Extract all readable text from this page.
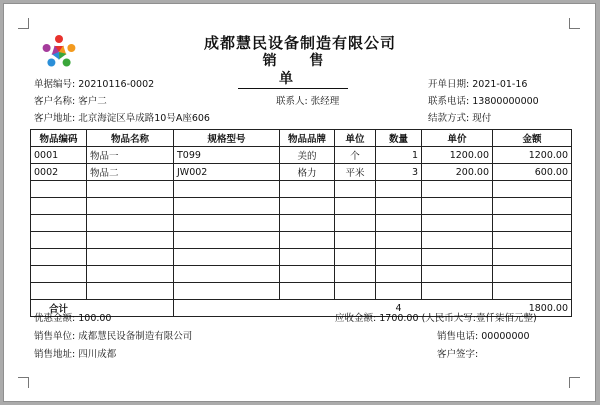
成都慧民设备制造有限公司
销 售 单
单据编号: 20210116-0002	开单日期: 2021-01-16
客户名称: 客户二	联系人: 张经理	联系电话: 13800000000
客户地址: 北京海淀区阜成路10号A座606	结款方式: 现付
物品编码	物品名称	规格型号	物品品牌	单位	数量	单价	金额
0001	物品一	T099	美的	个	1	1200.00	1200.00
0002	物品二	JW002	格力	平米	3	200.00	600.00

合计					4		1800.00
优惠金额: 100.00	应收金额: 1700.00 (人民币大写:壹仟柒佰元整)
销售单位: 成都慧民设备制造有限公司	销售电话: 00000000
销售地址: 四川成都	客户签字:
